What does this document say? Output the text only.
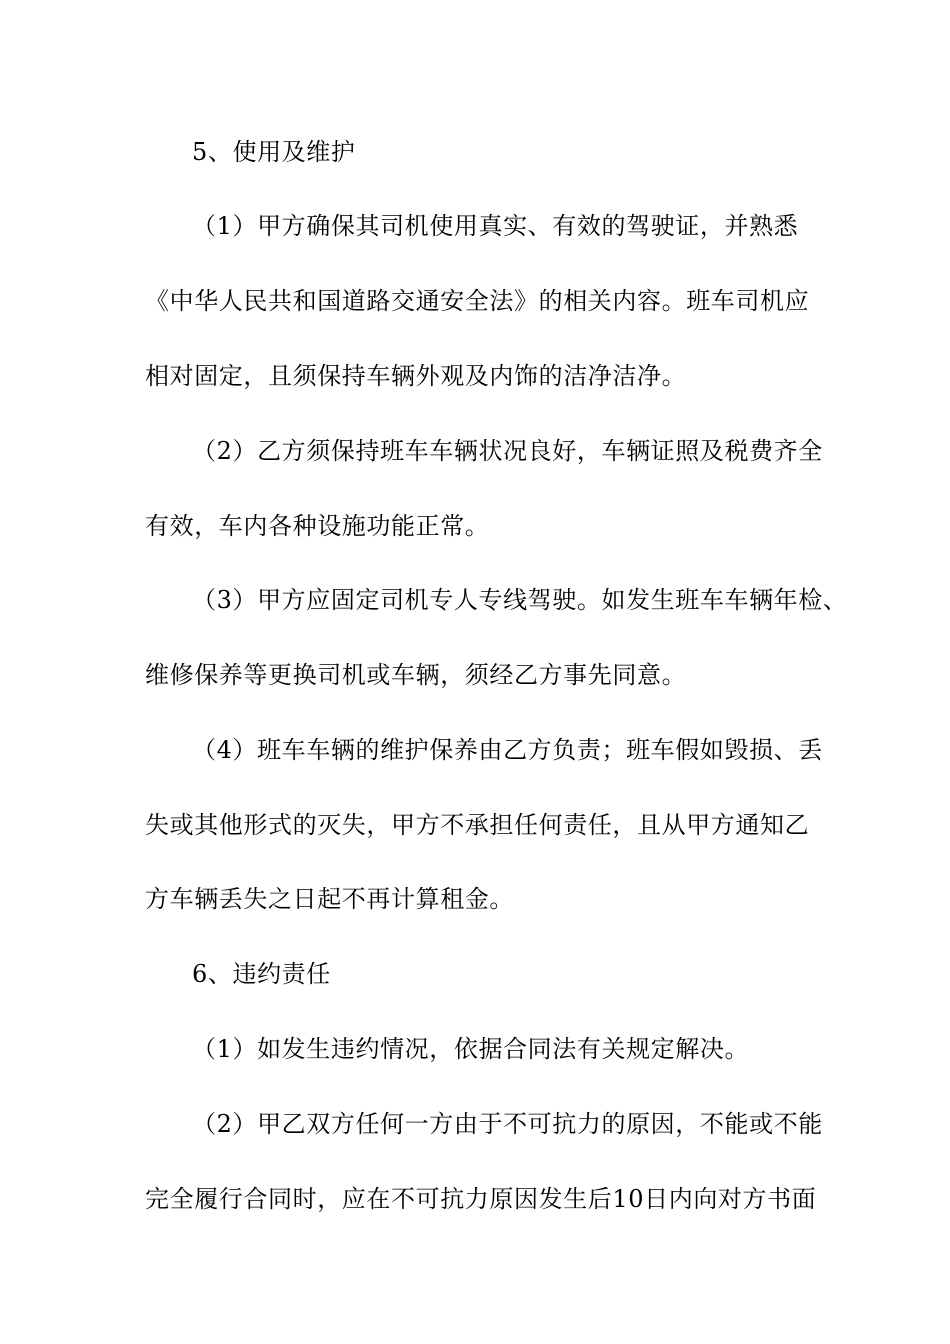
5、使用及维护
（1）甲方确保其司机使用真实、有效的驾驶证，并熟悉
《中华人民共和国道路交通安全法》的相关内容。班车司机应
相对固定，且须保持车辆外观及内饰的洁净洁净。
（2）乙方须保持班车车辆状况良好，车辆证照及税费齐全
有效，车内各种设施功能正常。
（3）甲方应固定司机专人专线驾驶。如发生班车车辆年检、
维修保养等更换司机或车辆，须经乙方事先同意。
（4）班车车辆的维护保养由乙方负责；班车假如毁损、丢
失或其他形式的灭失，甲方不承担任何责任，且从甲方通知乙
方车辆丢失之日起不再计算租金。
6、违约责任
（1）如发生违约情况，依据合同法有关规定解决。
（2）甲乙双方任何一方由于不可抗力的原因，不能或不能
完全履行合同时，应在不可抗力原因发生后10日内向对方书面
